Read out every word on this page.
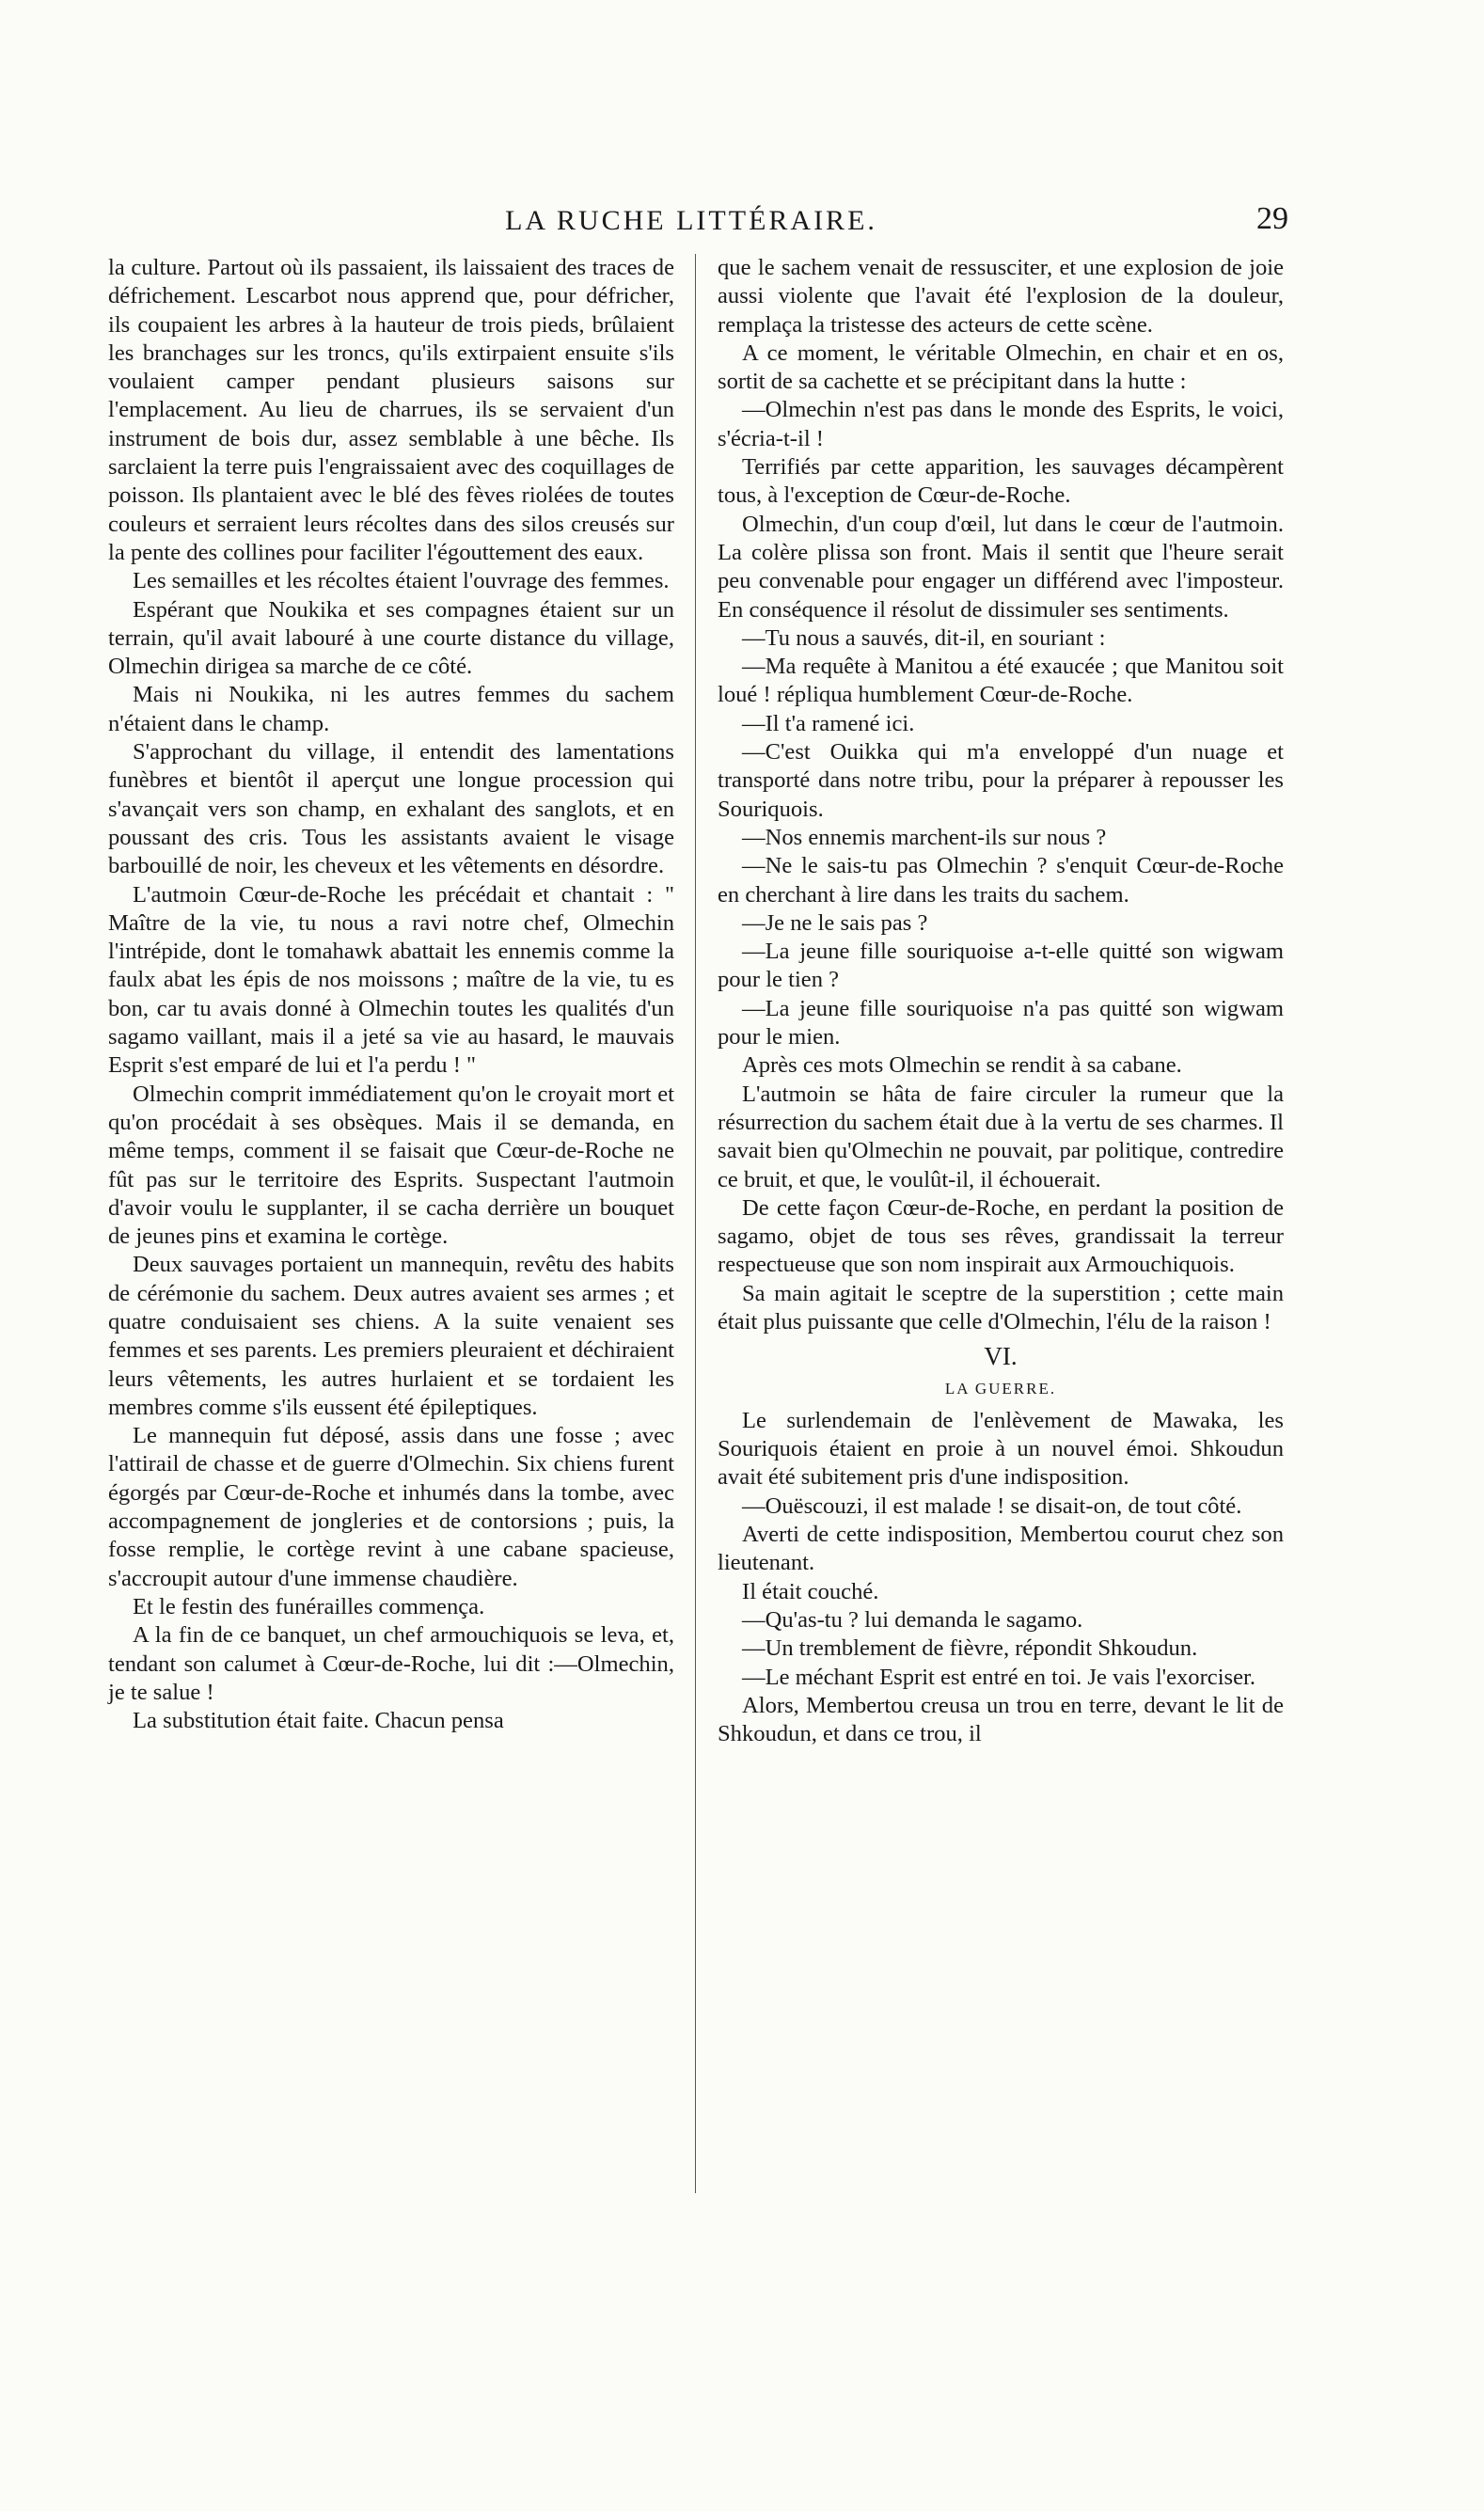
LA RUCHE LITTÉRAIRE.	29

la culture. Partout où ils passaient, ils laissaient des traces de défrichement. Lescarbot nous apprend que, pour défricher, ils coupaient les arbres à la hauteur de trois pieds, brûlaient les branchages sur les troncs, qu'ils extirpaient ensuite s'ils voulaient camper pendant plusieurs saisons sur l'emplacement. Au lieu de charrues, ils se servaient d'un instrument de bois dur, assez semblable à une bêche. Ils sarclaient la terre puis l'engraissaient avec des coquillages de poisson. Ils plantaient avec le blé des fèves riolées de toutes couleurs et serraient leurs récoltes dans des silos creusés sur la pente des collines pour faciliter l'égouttement des eaux.

Les semailles et les récoltes étaient l'ouvrage des femmes.

Espérant que Noukika et ses compagnes étaient sur un terrain, qu'il avait labouré à une courte distance du village, Olmechin dirigea sa marche de ce côté.

Mais ni Noukika, ni les autres femmes du sachem n'étaient dans le champ.

S'approchant du village, il entendit des lamentations funèbres et bientôt il aperçut une longue procession qui s'avançait vers son champ, en exhalant des sanglots, et en poussant des cris. Tous les assistants avaient le visage barbouillé de noir, les cheveux et les vêtements en désordre.

L'autmoin Cœur-de-Roche les précédait et chantait : " Maître de la vie, tu nous a ravi notre chef, Olmechin l'intrépide, dont le tomahawk abattait les ennemis comme la faulx abat les épis de nos moissons ; maître de la vie, tu es bon, car tu avais donné à Olmechin toutes les qualités d'un sagamo vaillant, mais il a jeté sa vie au hasard, le mauvais Esprit s'est emparé de lui et l'a perdu ! "

Olmechin comprit immédiatement qu'on le croyait mort et qu'on procédait à ses obsèques. Mais il se demanda, en même temps, comment il se faisait que Cœur-de-Roche ne fût pas sur le territoire des Esprits. Suspectant l'autmoin d'avoir voulu le supplanter, il se cacha derrière un bouquet de jeunes pins et examina le cortège.

Deux sauvages portaient un mannequin, revêtu des habits de cérémonie du sachem. Deux autres avaient ses armes ; et quatre conduisaient ses chiens. A la suite venaient ses femmes et ses parents. Les premiers pleuraient et déchiraient leurs vêtements, les autres hurlaient et se tordaient les membres comme s'ils eussent été épileptiques.

Le mannequin fut déposé, assis dans une fosse ; avec l'attirail de chasse et de guerre d'Olmechin. Six chiens furent égorgés par Cœur-de-Roche et inhumés dans la tombe, avec accompagnement de jongleries et de contorsions ; puis, la fosse remplie, le cortège revint à une cabane spacieuse, s'accroupit autour d'une immense chaudière.

Et le festin des funérailles commença.

A la fin de ce banquet, un chef armouchiquois se leva, et, tendant son calumet à Cœur-de-Roche, lui dit :—Olmechin, je te salue !

La substitution était faite. Chacun pensa

que le sachem venait de ressusciter, et une explosion de joie aussi violente que l'avait été l'explosion de la douleur, remplaça la tristesse des acteurs de cette scène.

A ce moment, le véritable Olmechin, en chair et en os, sortit de sa cachette et se précipitant dans la hutte :

—Olmechin n'est pas dans le monde des Esprits, le voici, s'écria-t-il !

Terrifiés par cette apparition, les sauvages décampèrent tous, à l'exception de Cœur-de-Roche.

Olmechin, d'un coup d'œil, lut dans le cœur de l'autmoin. La colère plissa son front. Mais il sentit que l'heure serait peu convenable pour engager un différend avec l'imposteur. En conséquence il résolut de dissimuler ses sentiments.

—Tu nous a sauvés, dit-il, en souriant :

—Ma requête à Manitou a été exaucée ; que Manitou soit loué ! répliqua humblement Cœur-de-Roche.

—Il t'a ramené ici.

—C'est Ouikka qui m'a enveloppé d'un nuage et transporté dans notre tribu, pour la préparer à repousser les Souriquois.

—Nos ennemis marchent-ils sur nous ?

—Ne le sais-tu pas Olmechin ? s'enquit Cœur-de-Roche en cherchant à lire dans les traits du sachem.

—Je ne le sais pas ?

—La jeune fille souriquoise a-t-elle quitté son wigwam pour le tien ?

—La jeune fille souriquoise n'a pas quitté son wigwam pour le mien.

Après ces mots Olmechin se rendit à sa cabane.

L'autmoin se hâta de faire circuler la rumeur que la résurrection du sachem était due à la vertu de ses charmes. Il savait bien qu'Olmechin ne pouvait, par politique, contredire ce bruit, et que, le voulût-il, il échouerait.

De cette façon Cœur-de-Roche, en perdant la position de sagamo, objet de tous ses rêves, grandissait la terreur respectueuse que son nom inspirait aux Armouchiquois.

Sa main agitait le sceptre de la superstition ; cette main était plus puissante que celle d'Olmechin, l'élu de la raison !

VI.
LA GUERRE.

Le surlendemain de l'enlèvement de Mawaka, les Souriquois étaient en proie à un nouvel émoi. Shkoudun avait été subitement pris d'une indisposition.

—Ouëscouzi, il est malade ! se disait-on, de tout côté.

Averti de cette indisposition, Membertou courut chez son lieutenant.

Il était couché.

—Qu'as-tu ? lui demanda le sagamo.

—Un tremblement de fièvre, répondit Shkoudun.

—Le méchant Esprit est entré en toi. Je vais l'exorciser.

Alors, Membertou creusa un trou en terre, devant le lit de Shkoudun, et dans ce trou, il
